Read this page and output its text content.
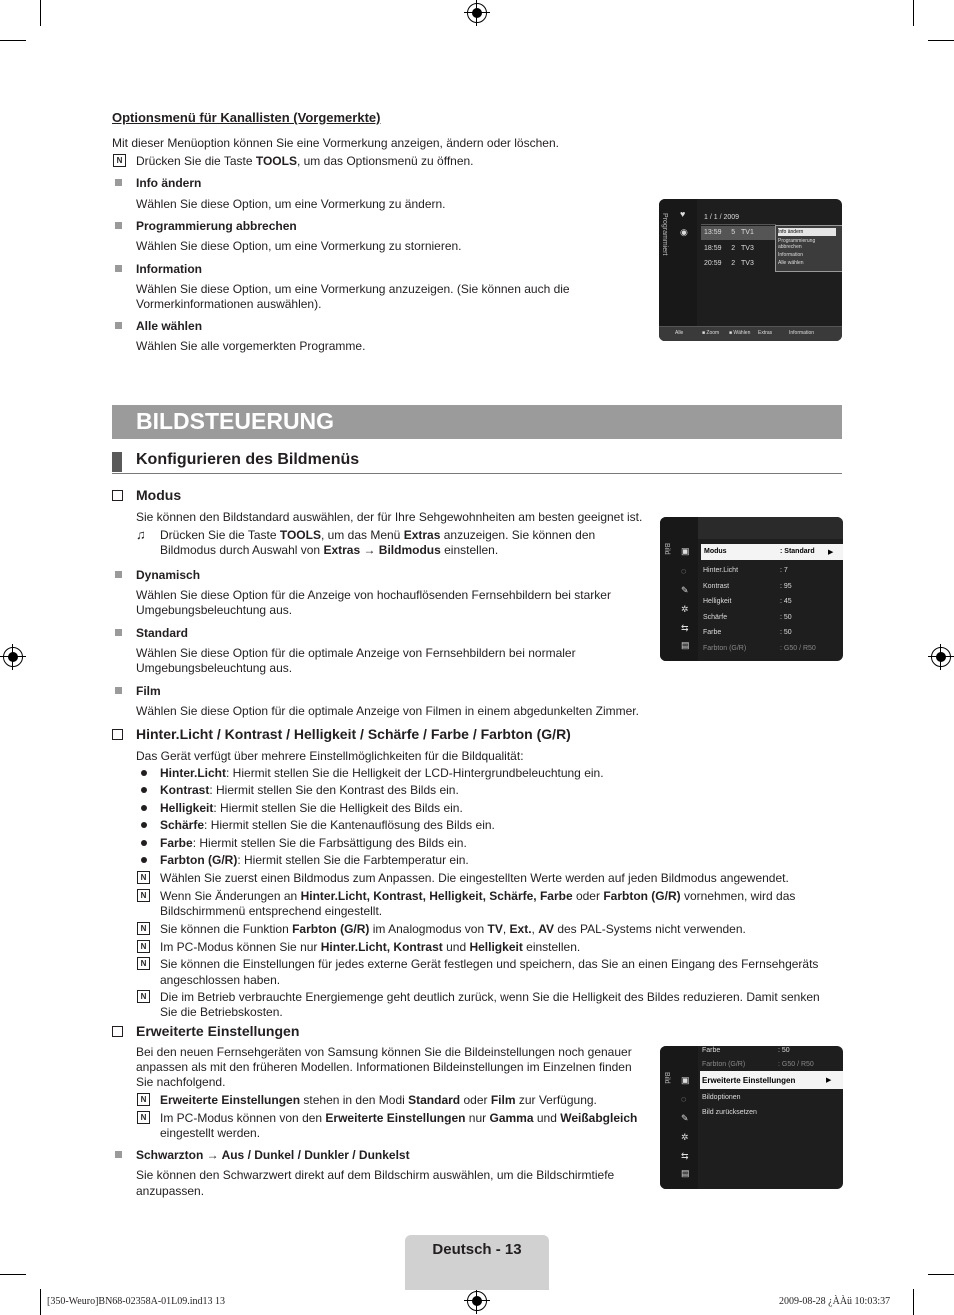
Optionsmenü für Kanallisten (Vorgemerkte)
Mit dieser Menüoption können Sie eine Vormerkung anzeigen, ändern oder löschen.
N	Drücken Sie die Taste TOOLS, um das Optionsmenü zu öffnen.
Info ändern
Wählen Sie diese Option, um eine Vormerkung zu ändern.
Programmierung abbrechen
Wählen Sie diese Option, um eine Vormerkung zu stornieren.
Information
Wählen Sie diese Option, um eine Vormerkung anzuzeigen. (Sie können auch die Vormerkinformationen auswählen).
Alle wählen
Wählen Sie alle vorgemerkten Programme.
Programmiert ♥
◉
1 / 1 / 2009
13:59 5 TV1
18:59 2 TV3
20:59 2 TV3
Info ändern
Programmierung abbrechen
Information
Alle wählen
Alle	■ Zoom ■ Wählen Extras	Information
BILDSTEUERUNG
Konfigurieren des Bildmenüs
Modus
Sie können den Bildstandard auswählen, der für Ihre Sehgewohnheiten am besten geeignet ist.
♫ Drücken Sie die Taste TOOLS, um das Menü Extras anzuzeigen. Sie können den
Bildmodus durch Auswahl von Extras → Bildmodus einstellen.
Dynamisch
Wählen Sie diese Option für die Anzeige von hochauflösenden Fernsehbildern bei starker
Umgebungsbeleuchtung aus.
Standard
Wählen Sie diese Option für die optimale Anzeige von Fernsehbildern bei normaler
Umgebungsbeleuchtung aus.
Film
Wählen Sie diese Option für die optimale Anzeige von Filmen in einem abgedunkelten Zimmer.
Bild ▣
◌
✎
✲
⇆
▤
Modus	: Standard ▶
Hinter.Licht	: 7
Kontrast	: 95
Helligkeit	: 45
Schärfe	: 50
Farbe	: 50
Farbton (G/R)	: G50 / R50
Hinter.Licht / Kontrast / Helligkeit / Schärfe / Farbe / Farbton (G/R)
Das Gerät verfügt über mehrere Einstellmöglichkeiten für die Bildqualität:
Hinter.Licht: Hiermit stellen Sie die Helligkeit der LCD-Hintergrundbeleuchtung ein.
Kontrast: Hiermit stellen Sie den Kontrast des Bilds ein.
Helligkeit: Hiermit stellen Sie die Helligkeit des Bilds ein.
Schärfe: Hiermit stellen Sie die Kantenauflösung des Bilds ein.
Farbe: Hiermit stellen Sie die Farbsättigung des Bilds ein.
Farbton (G/R): Hiermit stellen Sie die Farbtemperatur ein.
N	Wählen Sie zuerst einen Bildmodus zum Anpassen. Die eingestellten Werte werden auf jeden Bildmodus angewendet.
N	Wenn Sie Änderungen an Hinter.Licht, Kontrast, Helligkeit, Schärfe, Farbe oder Farbton (G/R) vornehmen, wird das
Bildschirmmenü entsprechend eingestellt.
N	Sie können die Funktion Farbton (G/R) im Analogmodus von TV, Ext., AV des PAL-Systems nicht verwenden.
N	Im PC-Modus können Sie nur Hinter.Licht, Kontrast und Helligkeit einstellen.
N	Sie können die Einstellungen für jedes externe Gerät festlegen und speichern, das Sie an einen Eingang des Fernsehgeräts
angeschlossen haben.
N	Die im Betrieb verbrauchte Energiemenge geht deutlich zurück, wenn Sie die Helligkeit des Bildes reduzieren. Damit senken
Sie die Betriebskosten.
Erweiterte Einstellungen
Bei den neuen Fernsehgeräten von Samsung können Sie die Bildeinstellungen noch genauer
anpassen als mit den früheren Modellen. Informationen Bildeinstellungen im Einzelnen finden
Sie nachfolgend.
N	Erweiterte Einstellungen stehen in den Modi Standard oder Film zur Verfügung.
N	Im PC-Modus können von den Erweiterte Einstellungen nur Gamma und Weißabgleich
eingestellt werden.
Schwarzton → Aus / Dunkel / Dunkler / Dunkelst
Sie können den Schwarzwert direkt auf dem Bildschirm auswählen, um die Bildschirmtiefe
anzupassen.
Bild ▣
◌
✎
✲
⇆
▤
Farbe	: 50
Farbton (G/R)	: G50 / R50
Erweiterte Einstellungen	▶
Bildoptionen
Bild zurücksetzen
Deutsch - 13
[350-Weuro]BN68-02358A-01L09.ind13 13	2009-08-28 ¿ÀÀü 10:03:37
